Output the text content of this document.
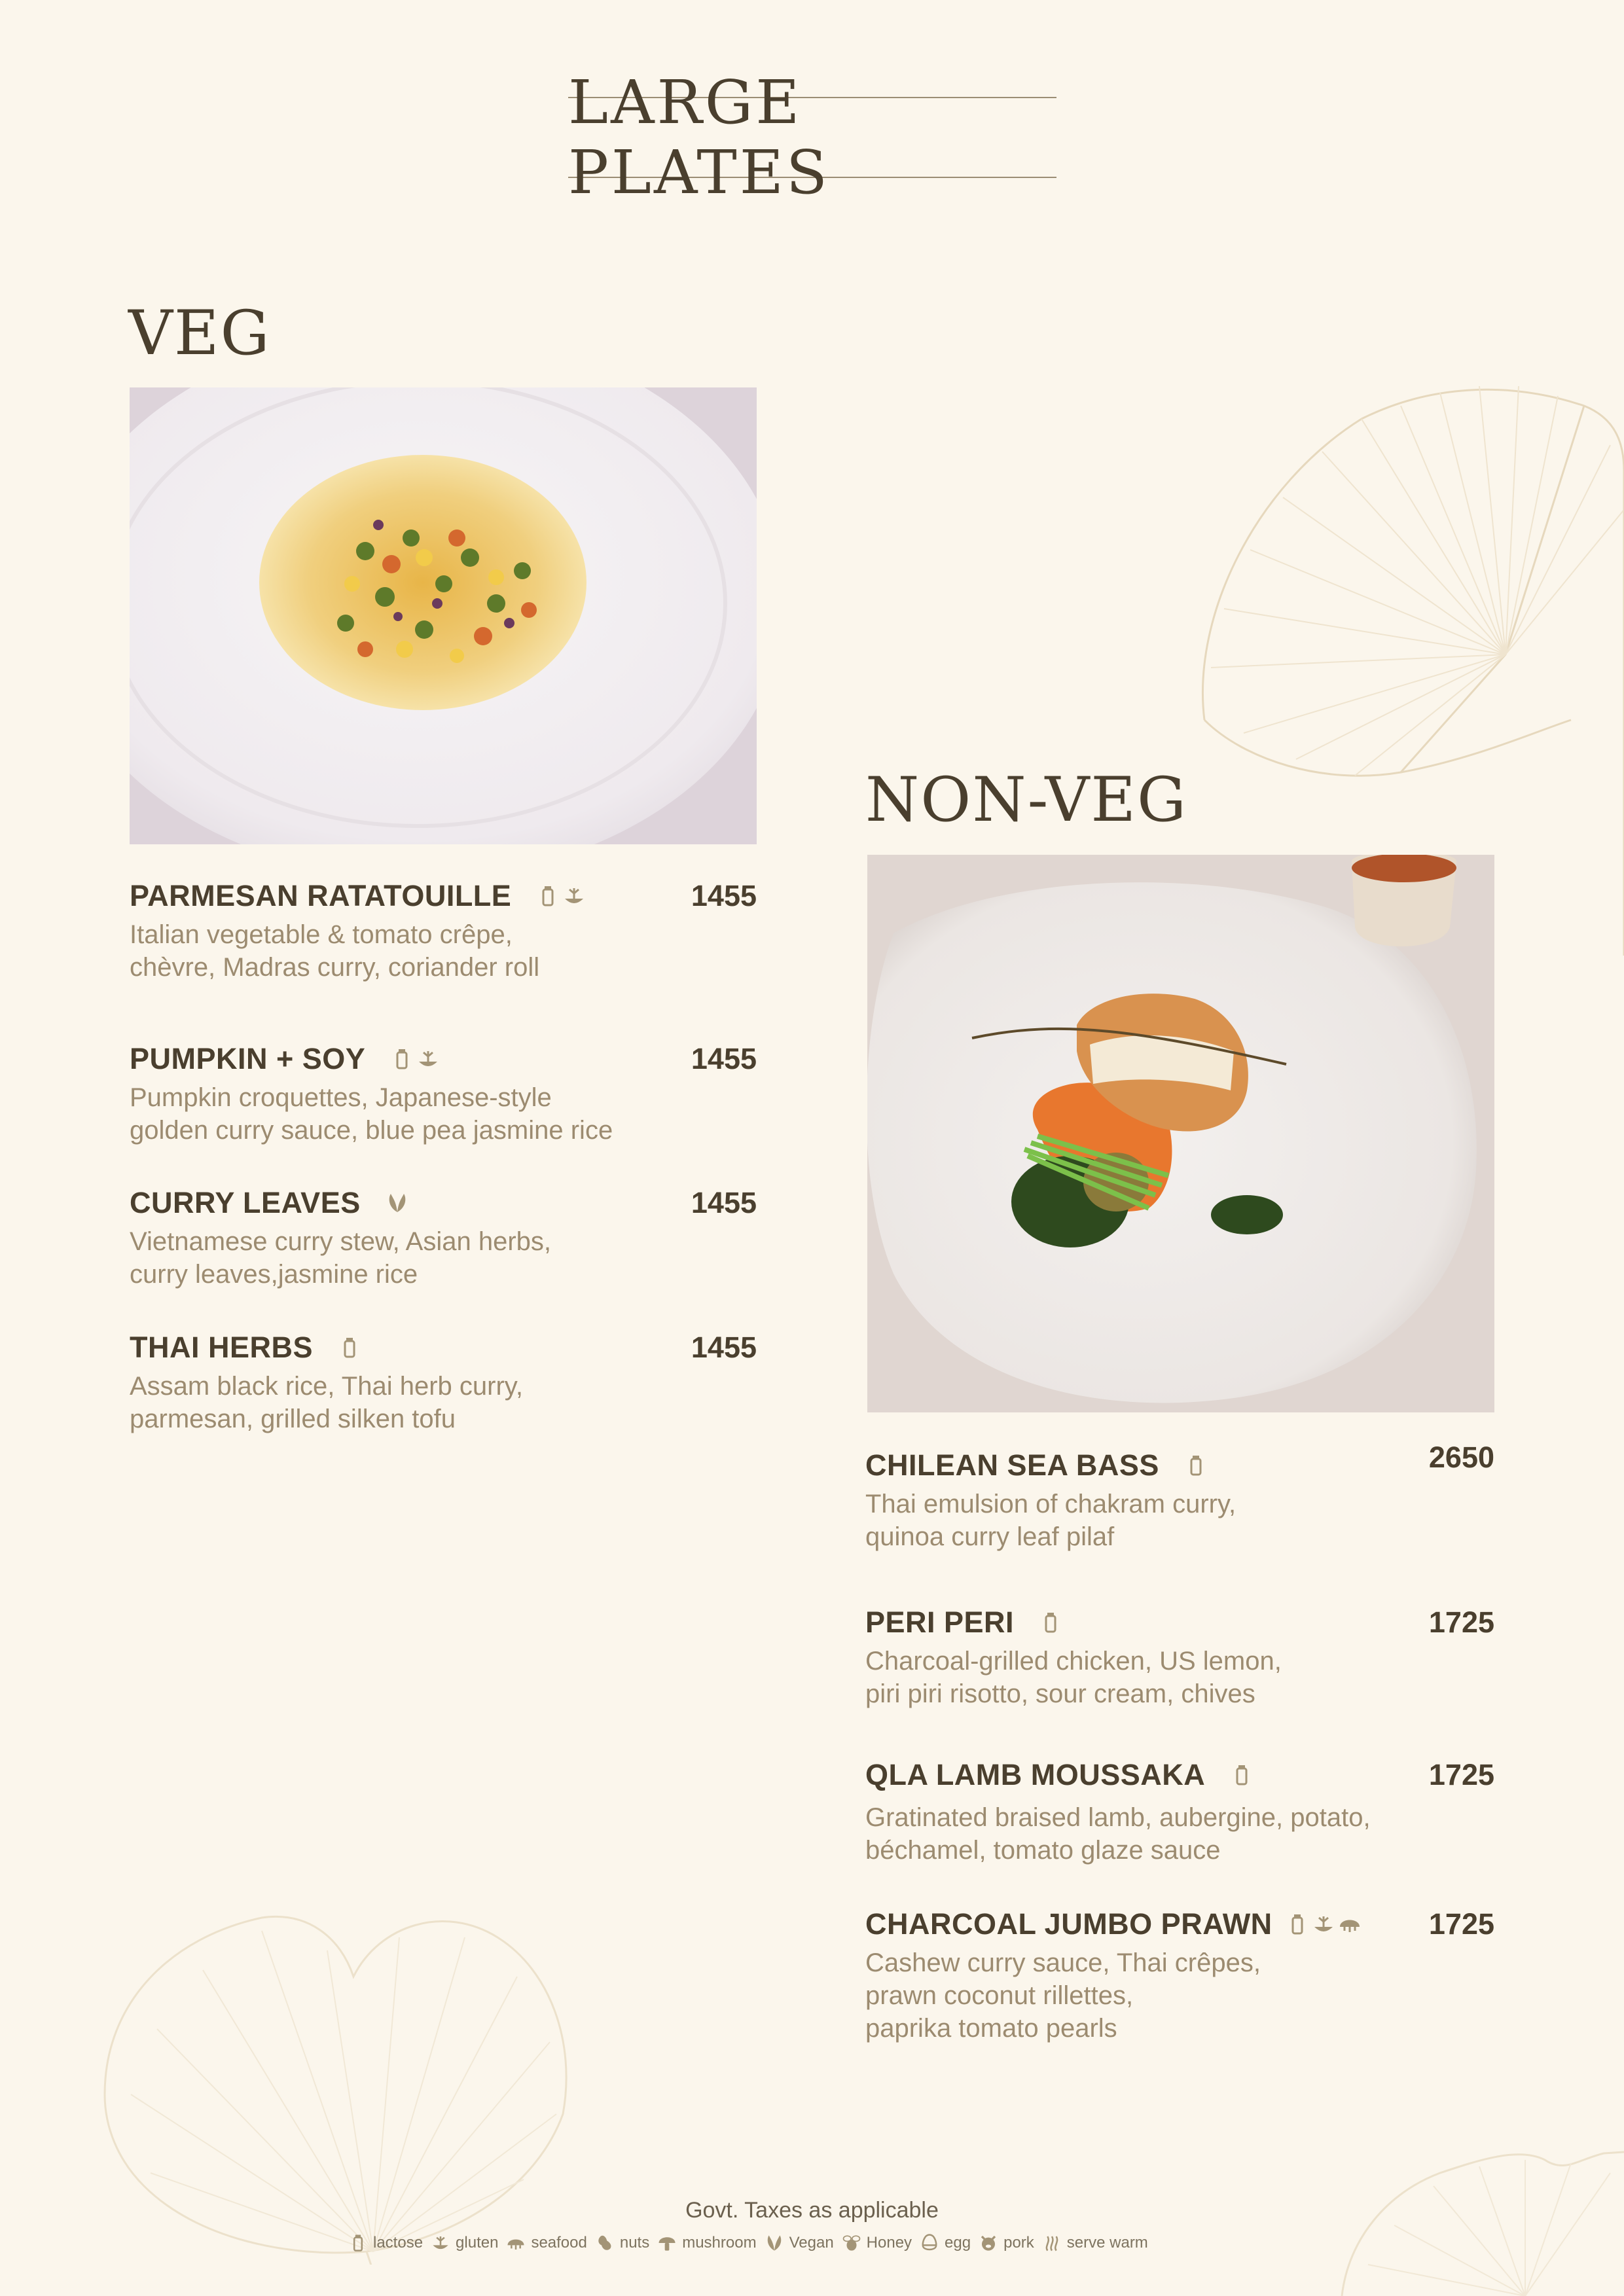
LARGE PLATES
VEG
PARMESAN RATATOUILLE	1455
Italian vegetable & tomato crêpe,
chèvre, Madras curry, coriander roll
PUMPKIN + SOY	1455
Pumpkin croquettes, Japanese-style
golden curry sauce, blue pea jasmine rice
CURRY LEAVES	1455
Vietnamese curry stew, Asian herbs,
curry leaves,jasmine rice
THAI HERBS	1455
Assam black rice, Thai herb curry,
parmesan, grilled silken tofu
NON-VEG
CHILEAN SEA BASS	2650
Thai emulsion of chakram curry,
quinoa curry leaf pilaf
PERI PERI	1725
Charcoal-grilled chicken, US lemon,
piri piri risotto, sour cream, chives
QLA LAMB MOUSSAKA	1725
Gratinated braised lamb, aubergine, potato,
béchamel, tomato glaze sauce
CHARCOAL JUMBO PRAWN	1725
Cashew curry sauce, Thai crêpes,
prawn coconut rillettes,
paprika tomato pearls
Govt. Taxes as applicable
lactose gluten seafood nuts mushroom Vegan Honey egg pork serve warm
